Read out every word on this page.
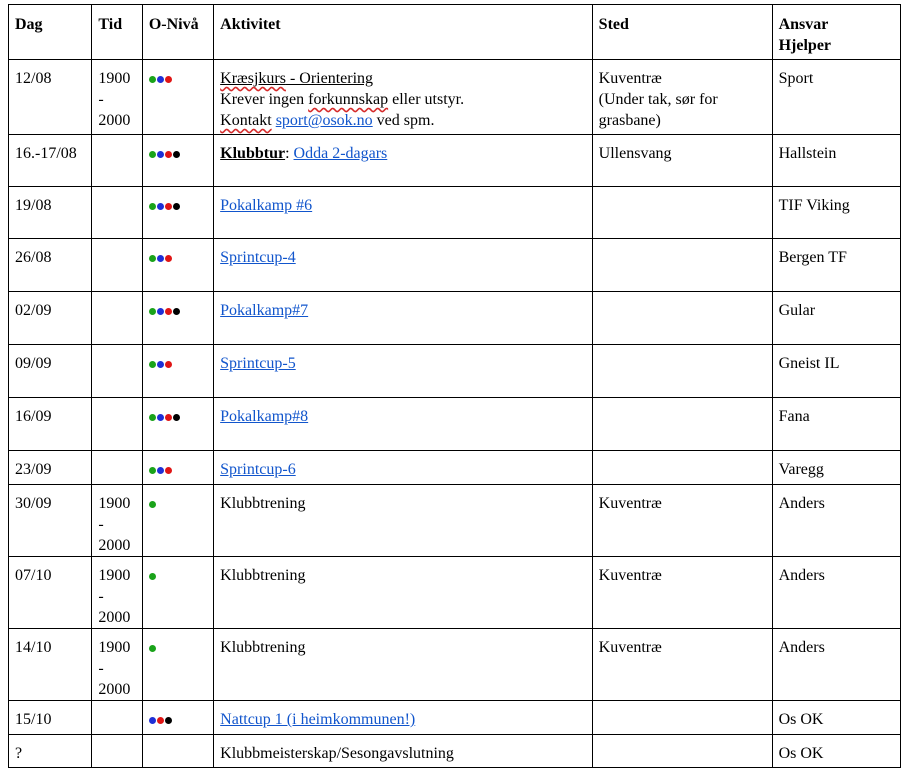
Dag	Tid	O-Nivå	Aktivitet	Sted	Ansvar
Hjelper

12/08	1900 -
2000		Kræsjkurs - Orientering
Krever ingen forkunnskap eller utstyr.
Kontakt sport@osok.no ved spm.	Kuventræ
(Under tak, sør for
grasbane)	Sport
16.-17/08			Klubbtur: Odda 2-dagars	Ullensvang	Hallstein
19/08			Pokalkamp #6		TIF Viking
26/08			Sprintcup-4		Bergen TF
02/09			Pokalkamp#7		Gular
09/09			Sprintcup-5		Gneist IL
16/09			Pokalkamp#8		Fana
23/09			Sprintcup-6		Varegg
30/09	1900 -
2000		Klubbtrening	Kuventræ	Anders
07/10	1900 -
2000		Klubbtrening	Kuventræ	Anders
14/10	1900 -
2000		Klubbtrening	Kuventræ	Anders
15/10			Nattcup 1 (i heimkommunen!)		Os OK
?			Klubbmeisterskap/Sesongavslutning		Os OK
